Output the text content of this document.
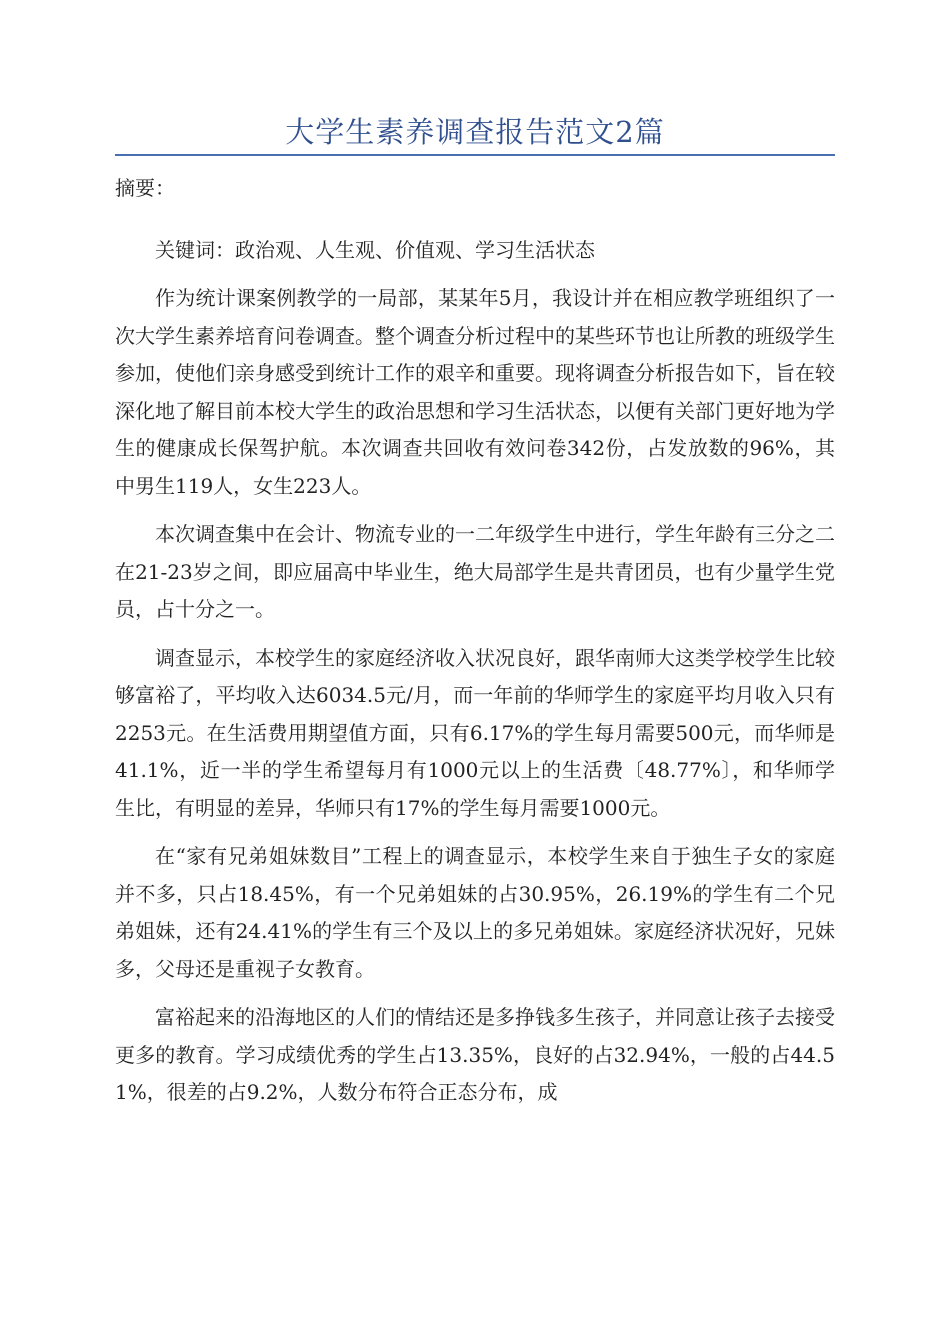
大学生素养调查报告范文2篇

摘要：

关键词：政治观、人生观、价值观、学习生活状态

作为统计课案例教学的一局部，某某年5月，我设计并在相应教学班组织了一次大学生素养培育问卷调查。整个调查分析过程中的某些环节也让所教的班级学生参加，使他们亲身感受到统计工作的艰辛和重要。现将调查分析报告如下，旨在较深化地了解目前本校大学生的政治思想和学习生活状态，以便有关部门更好地为学生的健康成长保驾护航。本次调查共回收有效问卷342份，占发放数的96%，其中男生119人，女生223人。

本次调查集中在会计、物流专业的一二年级学生中进行，学生年龄有三分之二在21-23岁之间，即应届高中毕业生，绝大局部学生是共青团员，也有少量学生党员，占十分之一。

调查显示，本校学生的家庭经济收入状况良好，跟华南师大这类学校学生比较够富裕了，平均收入达6034.5元/月，而一年前的华师学生的家庭平均月收入只有2253元。在生活费用期望值方面，只有6.17%的学生每月需要500元，而华师是41.1%，近一半的学生希望每月有1000元以上的生活费〔48.77%〕，和华师学生比，有明显的差异，华师只有17%的学生每月需要1000元。

在“家有兄弟姐妹数目”工程上的调查显示，本校学生来自于独生子女的家庭并不多，只占18.45%，有一个兄弟姐妹的占30.95%，26.19%的学生有二个兄弟姐妹，还有24.41%的学生有三个及以上的多兄弟姐妹。家庭经济状况好，兄妹多，父母还是重视子女教育。

富裕起来的沿海地区的人们的情结还是多挣钱多生孩子，并同意让孩子去接受更多的教育。学习成绩优秀的学生占13.35%，良好的占32.94%，一般的占44.51%，很差的占9.2%，人数分布符合正态分布，成
